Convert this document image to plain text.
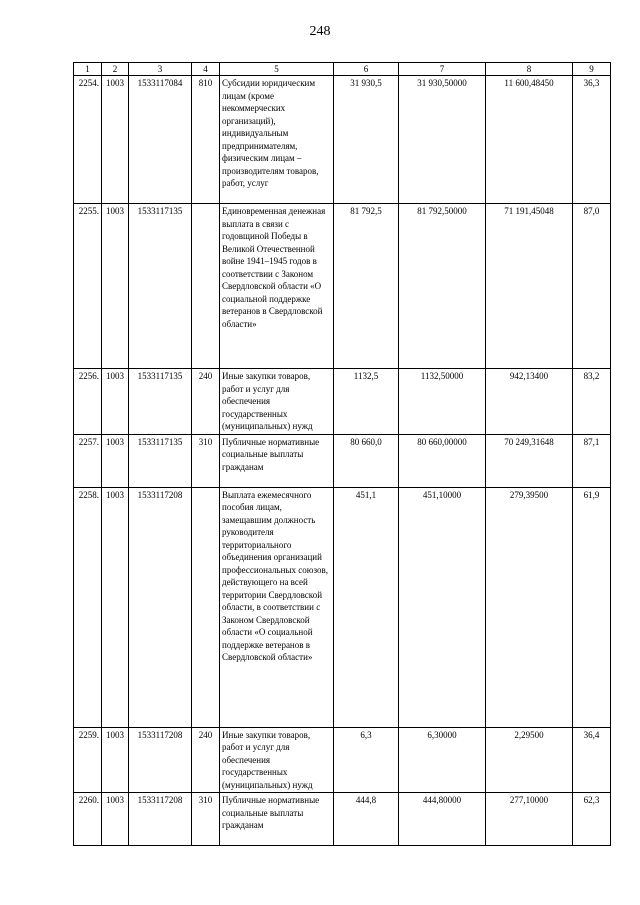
248
1	2	3	4	5	6	7	8	9
2254.	1003	1533117084	810	Субсидии юридическим лицам (кроме некоммерческих организаций), индивидуальным предпринимателям, физическим лицам – производителям товаров, работ, услуг	31 930,5	31 930,50000	11 600,48450	36,3
2255.	1003	1533117135		Единовременная денежная выплата в связи с годовщиной Победы в Великой Отечественной войне 1941–1945 годов в соответствии с Законом Свердловской области «О социальной поддержке ветеранов в Свердловской области»	81 792,5	81 792,50000	71 191,45048	87,0
2256.	1003	1533117135	240	Иные закупки товаров, работ и услуг для обеспечения государственных (муниципальных) нужд	1132,5	1132,50000	942,13400	83,2
2257.	1003	1533117135	310	Публичные нормативные социальные выплаты гражданам	80 660,0	80 660,00000	70 249,31648	87,1
2258.	1003	1533117208		Выплата ежемесячного пособия лицам, замещавшим должность руководителя территориального объединения организаций профессиональных союзов, действующего на всей территории Свердловской области, в соответствии с Законом Свердловской области «О социальной поддержке ветеранов в Свердловской области»	451,1	451,10000	279,39500	61,9
2259.	1003	1533117208	240	Иные закупки товаров, работ и услуг для обеспечения государственных (муниципальных) нужд	6,3	6,30000	2,29500	36,4
2260.	1003	1533117208	310	Публичные нормативные социальные выплаты гражданам	444,8	444,80000	277,10000	62,3
